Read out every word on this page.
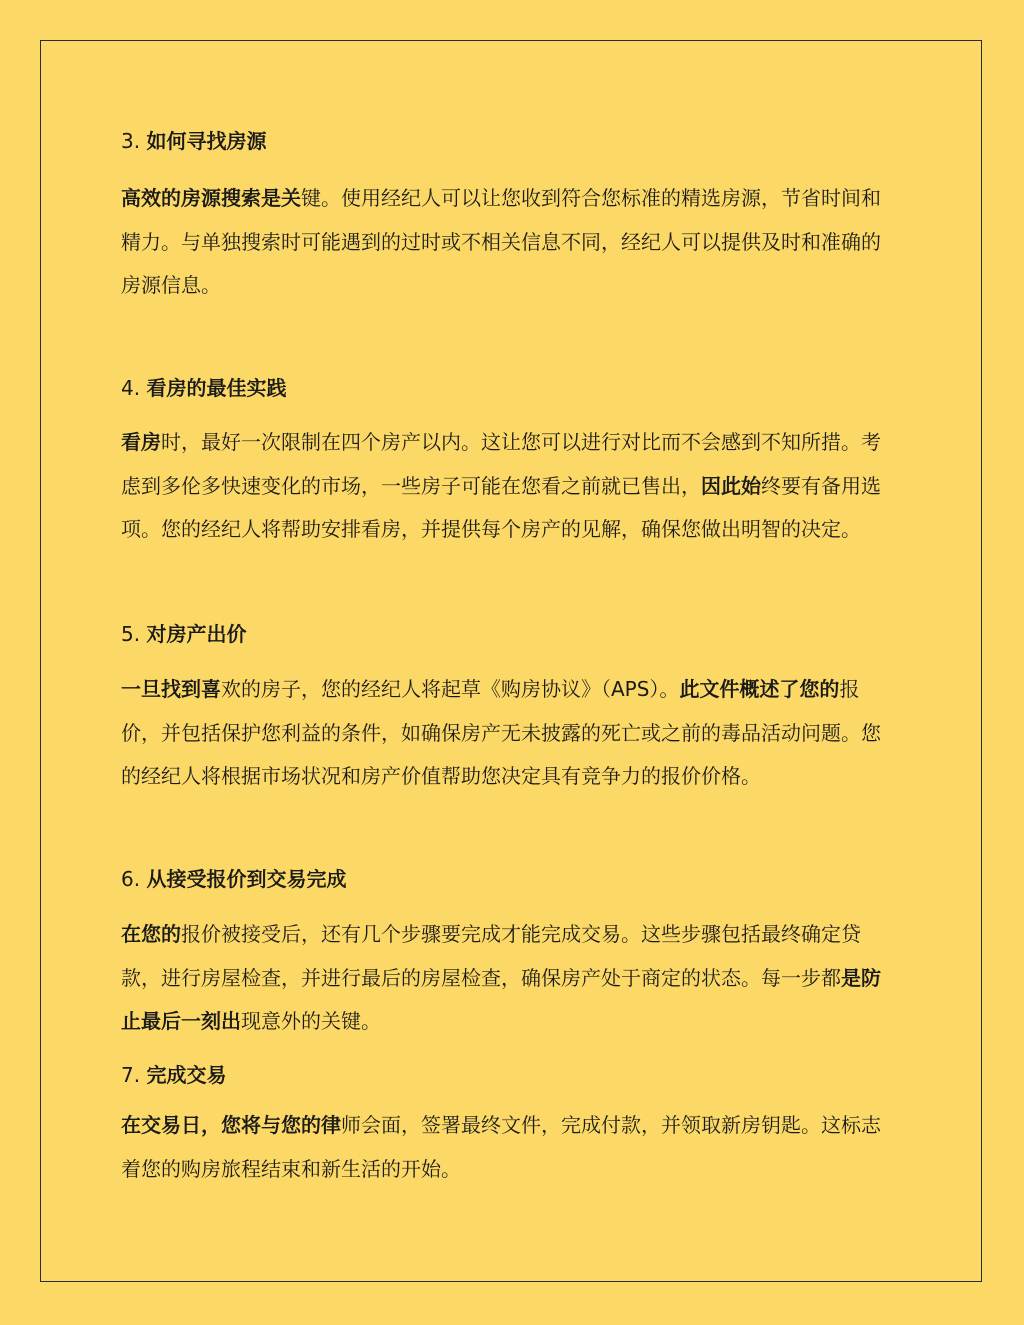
3. 如何寻找房源
高效的房源搜索是关键。使用经纪人可以让您收到符合您标准的精选房源，节省时间和精力。与单独搜索时可能遇到的过时或不相关信息不同，经纪人可以提供及时和准确的房源信息。
4. 看房的最佳实践
看房时，最好一次限制在四个房产以内。这让您可以进行对比而不会感到不知所措。考虑到多伦多快速变化的市场，一些房子可能在您看之前就已售出，因此始终要有备用选项。您的经纪人将帮助安排看房，并提供每个房产的见解，确保您做出明智的决定。
5. 对房产出价
一旦找到喜欢的房子，您的经纪人将起草《购房协议》（APS）。此文件概述了您的报价，并包括保护您利益的条件，如确保房产无未披露的死亡或之前的毒品活动问题。您的经纪人将根据市场状况和房产价值帮助您决定具有竞争力的报价价格。
6. 从接受报价到交易完成
在您的报价被接受后，还有几个步骤要完成才能完成交易。这些步骤包括最终确定贷款，进行房屋检查，并进行最后的房屋检查，确保房产处于商定的状态。每一步都是防止最后一刻出现意外的关键。
7. 完成交易
在交易日，您将与您的律师会面，签署最终文件，完成付款，并领取新房钥匙。这标志着您的购房旅程结束和新生活的开始。
